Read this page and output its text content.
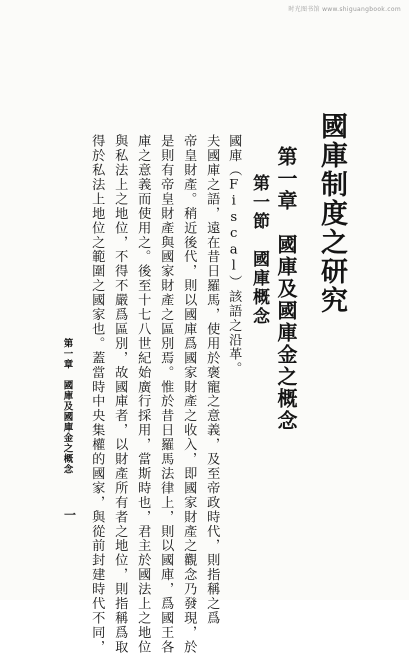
时光图书馆 www.shiguangbook.com
國庫制度之研究
第一章　國庫及國庫金之概念
第一節　國庫概念
國庫（Fiscal）該語之沿革。
夫國庫之語，遠在昔日羅馬，使用於褒寵之意義，及至帝政時代，則指稱之爲
帝皇財產。稍近後代，則以國庫爲國家財產之收入，即國家財產之觀念乃發現，於
是則有帝皇財產與國家財產之區別焉。惟於昔日羅馬法律上，則以國庫，爲國王各
庫之意義而使用之。後至十七八世紀始廣行採用，當斯時也，君主於國法上之地位
與私法上之地位，不得不嚴爲區別，故國庫者，以財產所有者之地位，則指稱爲取
得於私法上地位之範圍之國家也。蓋當時中央集權的國家，與從前封建時代不同，
第一章
國庫及國庫金之概念
一
